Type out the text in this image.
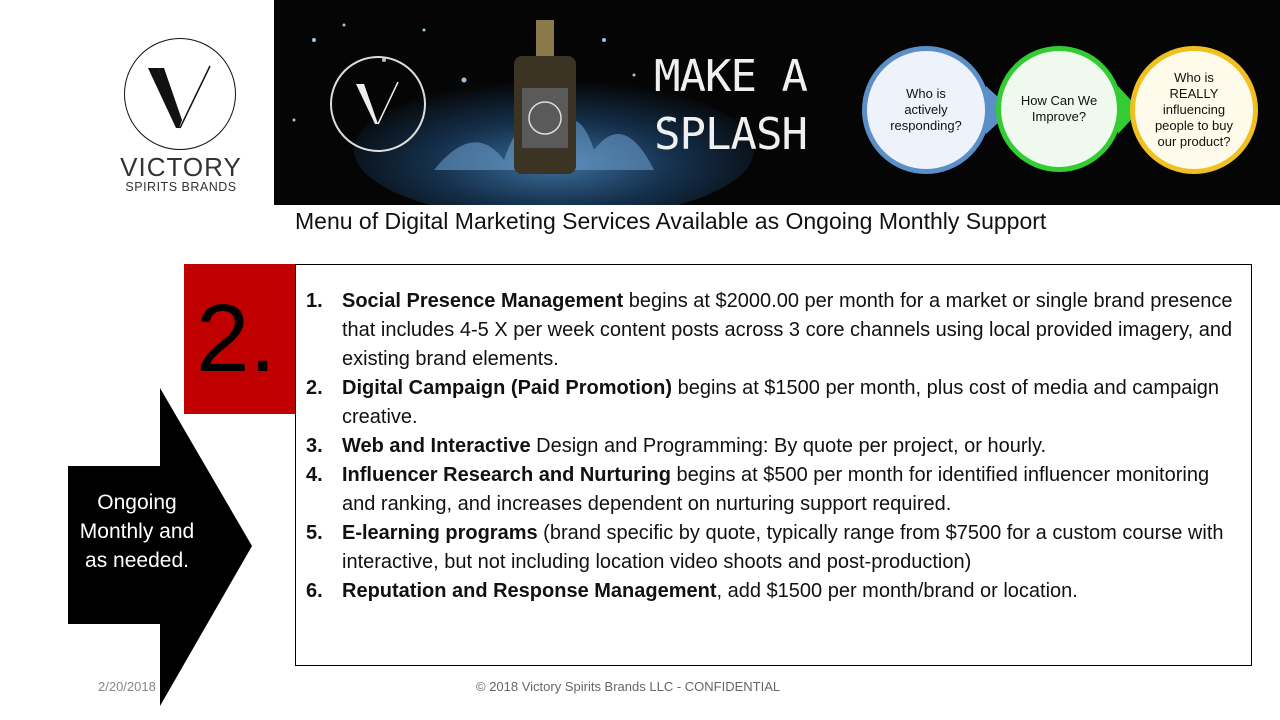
VICTORY
SPIRITS BRANDS
MAKE A
SPLASH
Who is actively responding?
How Can We Improve?
Who is REALLY influencing people to buy our product?
Menu of Digital Marketing Services Available as Ongoing Monthly Support
2.
Ongoing Monthly and as needed.
1. Social Presence Management begins at $2000.00 per month for a market or single brand presence that includes 4-5 X per week content posts across 3 core channels using local provided imagery, and existing brand elements.
2. Digital Campaign (Paid Promotion) begins at $1500 per month, plus cost of media and campaign creative.
3. Web and Interactive Design and Programming: By quote per project, or hourly.
4. Influencer Research and Nurturing begins at $500 per month for identified influencer monitoring and ranking, and increases dependent on nurturing support required.
5. E-learning programs (brand specific by quote, typically range from $7500 for a custom course with interactive, but not including location video shoots and post-production)
6. Reputation and Response Management, add $1500 per month/brand or location.
2/20/2018	© 2018 Victory Spirits Brands LLC - CONFIDENTIAL
